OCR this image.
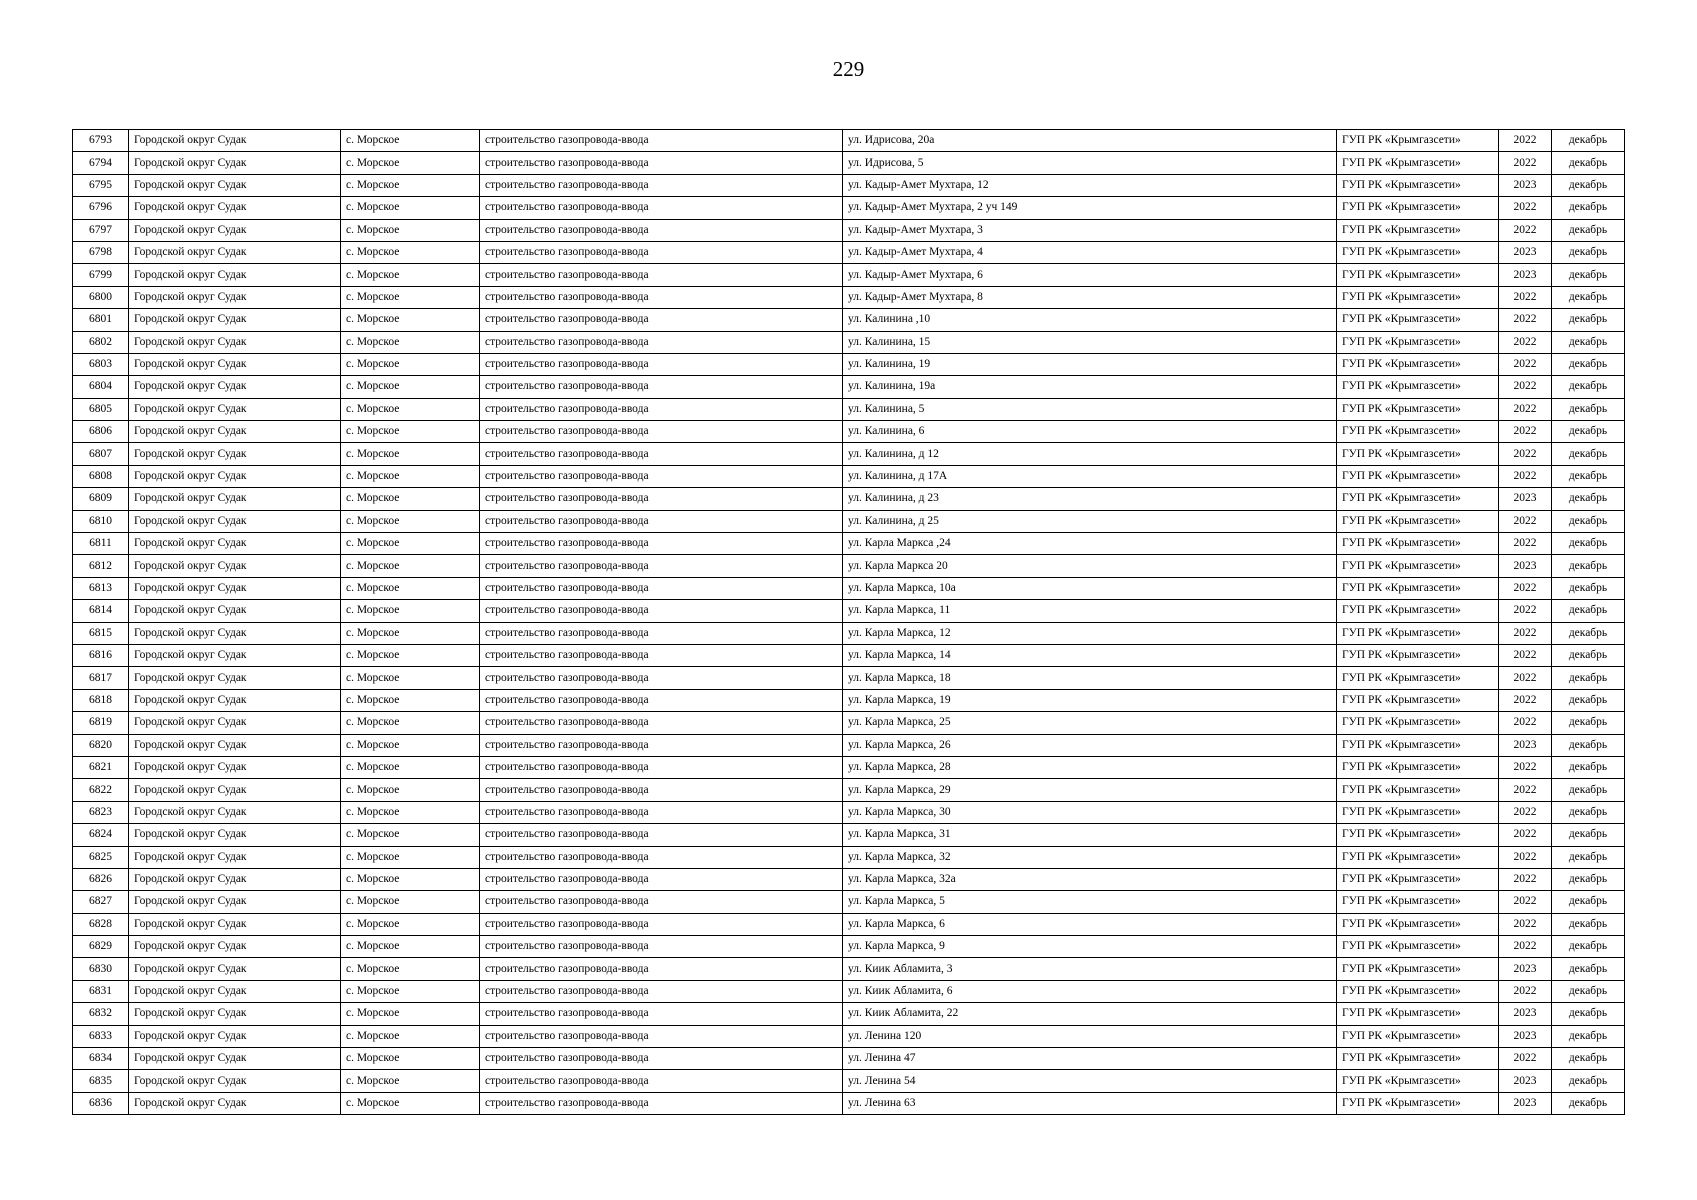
229
6793	Городской округ Судак	с. Морское	строительство газопровода-ввода	ул. Идрисова, 20а	ГУП РК «Крымгазсети»	2022	декабрь
6794	Городской округ Судак	с. Морское	строительство газопровода-ввода	ул. Идрисова, 5	ГУП РК «Крымгазсети»	2022	декабрь
6795	Городской округ Судак	с. Морское	строительство газопровода-ввода	ул. Кадыр-Амет Мухтара, 12	ГУП РК «Крымгазсети»	2023	декабрь
6796	Городской округ Судак	с. Морское	строительство газопровода-ввода	ул. Кадыр-Амет Мухтара, 2 уч 149	ГУП РК «Крымгазсети»	2022	декабрь
6797	Городской округ Судак	с. Морское	строительство газопровода-ввода	ул. Кадыр-Амет Мухтара, 3	ГУП РК «Крымгазсети»	2022	декабрь
6798	Городской округ Судак	с. Морское	строительство газопровода-ввода	ул. Кадыр-Амет Мухтара, 4	ГУП РК «Крымгазсети»	2023	декабрь
6799	Городской округ Судак	с. Морское	строительство газопровода-ввода	ул. Кадыр-Амет Мухтара, 6	ГУП РК «Крымгазсети»	2023	декабрь
6800	Городской округ Судак	с. Морское	строительство газопровода-ввода	ул. Кадыр-Амет Мухтара, 8	ГУП РК «Крымгазсети»	2022	декабрь
6801	Городской округ Судак	с. Морское	строительство газопровода-ввода	ул. Калинина ,10	ГУП РК «Крымгазсети»	2022	декабрь
6802	Городской округ Судак	с. Морское	строительство газопровода-ввода	ул. Калинина, 15	ГУП РК «Крымгазсети»	2022	декабрь
6803	Городской округ Судак	с. Морское	строительство газопровода-ввода	ул. Калинина, 19	ГУП РК «Крымгазсети»	2022	декабрь
6804	Городской округ Судак	с. Морское	строительство газопровода-ввода	ул. Калинина, 19а	ГУП РК «Крымгазсети»	2022	декабрь
6805	Городской округ Судак	с. Морское	строительство газопровода-ввода	ул. Калинина, 5	ГУП РК «Крымгазсети»	2022	декабрь
6806	Городской округ Судак	с. Морское	строительство газопровода-ввода	ул. Калинина, 6	ГУП РК «Крымгазсети»	2022	декабрь
6807	Городской округ Судак	с. Морское	строительство газопровода-ввода	ул. Калинина, д 12	ГУП РК «Крымгазсети»	2022	декабрь
6808	Городской округ Судак	с. Морское	строительство газопровода-ввода	ул. Калинина, д 17А	ГУП РК «Крымгазсети»	2022	декабрь
6809	Городской округ Судак	с. Морское	строительство газопровода-ввода	ул. Калинина, д 23	ГУП РК «Крымгазсети»	2023	декабрь
6810	Городской округ Судак	с. Морское	строительство газопровода-ввода	ул. Калинина, д 25	ГУП РК «Крымгазсети»	2022	декабрь
6811	Городской округ Судак	с. Морское	строительство газопровода-ввода	ул. Карла Маркса ,24	ГУП РК «Крымгазсети»	2022	декабрь
6812	Городской округ Судак	с. Морское	строительство газопровода-ввода	ул. Карла Маркса 20	ГУП РК «Крымгазсети»	2023	декабрь
6813	Городской округ Судак	с. Морское	строительство газопровода-ввода	ул. Карла Маркса, 10а	ГУП РК «Крымгазсети»	2022	декабрь
6814	Городской округ Судак	с. Морское	строительство газопровода-ввода	ул. Карла Маркса, 11	ГУП РК «Крымгазсети»	2022	декабрь
6815	Городской округ Судак	с. Морское	строительство газопровода-ввода	ул. Карла Маркса, 12	ГУП РК «Крымгазсети»	2022	декабрь
6816	Городской округ Судак	с. Морское	строительство газопровода-ввода	ул. Карла Маркса, 14	ГУП РК «Крымгазсети»	2022	декабрь
6817	Городской округ Судак	с. Морское	строительство газопровода-ввода	ул. Карла Маркса, 18	ГУП РК «Крымгазсети»	2022	декабрь
6818	Городской округ Судак	с. Морское	строительство газопровода-ввода	ул. Карла Маркса, 19	ГУП РК «Крымгазсети»	2022	декабрь
6819	Городской округ Судак	с. Морское	строительство газопровода-ввода	ул. Карла Маркса, 25	ГУП РК «Крымгазсети»	2022	декабрь
6820	Городской округ Судак	с. Морское	строительство газопровода-ввода	ул. Карла Маркса, 26	ГУП РК «Крымгазсети»	2023	декабрь
6821	Городской округ Судак	с. Морское	строительство газопровода-ввода	ул. Карла Маркса, 28	ГУП РК «Крымгазсети»	2022	декабрь
6822	Городской округ Судак	с. Морское	строительство газопровода-ввода	ул. Карла Маркса, 29	ГУП РК «Крымгазсети»	2022	декабрь
6823	Городской округ Судак	с. Морское	строительство газопровода-ввода	ул. Карла Маркса, 30	ГУП РК «Крымгазсети»	2022	декабрь
6824	Городской округ Судак	с. Морское	строительство газопровода-ввода	ул. Карла Маркса, 31	ГУП РК «Крымгазсети»	2022	декабрь
6825	Городской округ Судак	с. Морское	строительство газопровода-ввода	ул. Карла Маркса, 32	ГУП РК «Крымгазсети»	2022	декабрь
6826	Городской округ Судак	с. Морское	строительство газопровода-ввода	ул. Карла Маркса, 32а	ГУП РК «Крымгазсети»	2022	декабрь
6827	Городской округ Судак	с. Морское	строительство газопровода-ввода	ул. Карла Маркса, 5	ГУП РК «Крымгазсети»	2022	декабрь
6828	Городской округ Судак	с. Морское	строительство газопровода-ввода	ул. Карла Маркса, 6	ГУП РК «Крымгазсети»	2022	декабрь
6829	Городской округ Судак	с. Морское	строительство газопровода-ввода	ул. Карла Маркса, 9	ГУП РК «Крымгазсети»	2022	декабрь
6830	Городской округ Судак	с. Морское	строительство газопровода-ввода	ул. Киик Абламита, 3	ГУП РК «Крымгазсети»	2023	декабрь
6831	Городской округ Судак	с. Морское	строительство газопровода-ввода	ул. Киик Абламита, 6	ГУП РК «Крымгазсети»	2022	декабрь
6832	Городской округ Судак	с. Морское	строительство газопровода-ввода	ул. Киик Абламита, 22	ГУП РК «Крымгазсети»	2023	декабрь
6833	Городской округ Судак	с. Морское	строительство газопровода-ввода	ул. Ленина 120	ГУП РК «Крымгазсети»	2023	декабрь
6834	Городской округ Судак	с. Морское	строительство газопровода-ввода	ул. Ленина 47	ГУП РК «Крымгазсети»	2022	декабрь
6835	Городской округ Судак	с. Морское	строительство газопровода-ввода	ул. Ленина 54	ГУП РК «Крымгазсети»	2023	декабрь
6836	Городской округ Судак	с. Морское	строительство газопровода-ввода	ул. Ленина 63	ГУП РК «Крымгазсети»	2023	декабрь
